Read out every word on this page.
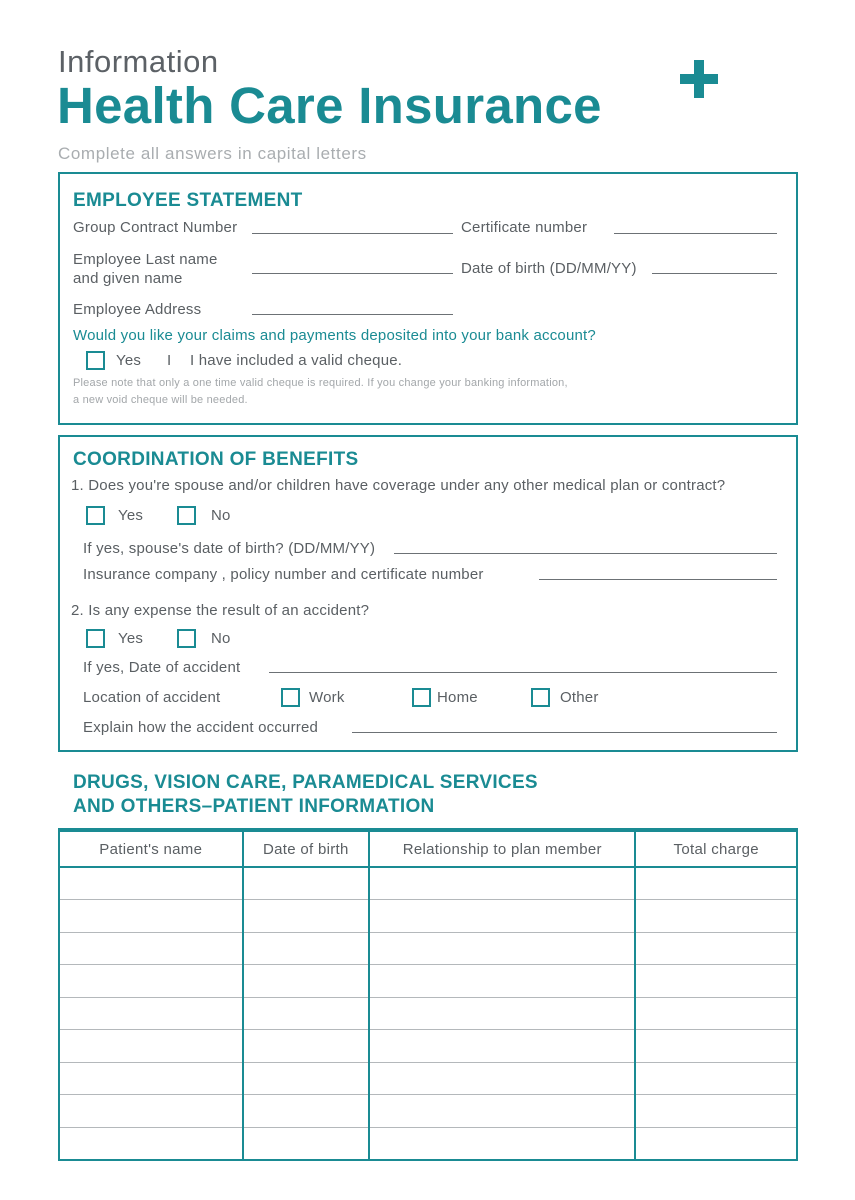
Information
Health Care Insurance
Complete all answers in capital letters
EMPLOYEE STATEMENT
Group Contract Number	Certificate number
Employee Last name
and given name
Date of birth (DD/MM/YY)
Employee Address
Would you like your claims and payments deposited into your bank account?
Yes I I have included a valid cheque.
Please note that only a one time valid cheque is required. If you change your banking information,
a new void cheque will be needed.
COORDINATION OF BENEFITS
1. Does you're spouse and/or children have coverage under any other medical plan or contract?
Yes	No
If yes, spouse's date of birth? (DD/MM/YY)
Insurance company , policy number and certificate number
2. Is any expense the result of an accident?
Yes	No
If yes, Date of accident
Location of accident	Work	Home	Other
Explain how the accident occurred
DRUGS, VISION CARE, PARAMEDICAL SERVICES
AND OTHERS–PATIENT INFORMATION
Patient's name	Date of birth	Relationship to plan member	Total charge
